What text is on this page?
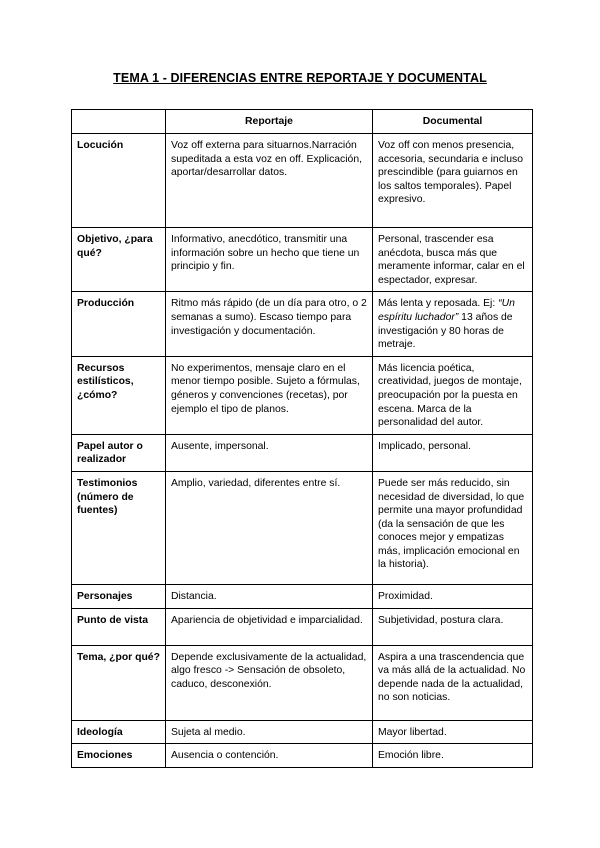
TEMA 1 - DIFERENCIAS ENTRE REPORTAJE Y DOCUMENTAL
	Reportaje	Documental
Locución	Voz off externa para situarnos.Narración supeditada a esta voz en off. Explicación, aportar/desarrollar datos.	Voz off con menos presencia, accesoria, secundaria e incluso prescindible (para guiarnos en los saltos temporales). Papel expresivo.
Objetivo, ¿para qué?	Informativo, anecdótico, transmitir una información sobre un hecho que tiene un principio y fin.	Personal, trascender esa anécdota, busca más que meramente informar, calar en el espectador, expresar.
Producción	Ritmo más rápido (de un día para otro, o 2 semanas a sumo). Escaso tiempo para investigación y documentación.	Más lenta y reposada. Ej: “Un espíritu luchador” 13 años de investigación y 80 horas de metraje.
Recursos estilísticos, ¿cómo?	No experimentos, mensaje claro en el menor tiempo posible. Sujeto a fórmulas, géneros y convenciones (recetas), por ejemplo el tipo de planos.	Más licencia poética, creatividad, juegos de montaje, preocupación por la puesta en escena. Marca de la personalidad del autor.
Papel autor o realizador	Ausente, impersonal.	Implicado, personal.
Testimonios (número de fuentes)	Amplio, variedad, diferentes entre sí.	Puede ser más reducido, sin necesidad de diversidad, lo que permite una mayor profundidad (da la sensación de que les conoces mejor y empatizas más, implicación emocional en la historia).
Personajes	Distancia.	Proximidad.
Punto de vista	Apariencia de objetividad e imparcialidad.	Subjetividad, postura clara.
Tema, ¿por qué?	Depende exclusivamente de la actualidad, algo fresco -> Sensación de obsoleto, caduco, desconexión.	Aspira a una trascendencia que va más allá de la actualidad. No depende nada de la actualidad, no son noticias.
Ideología	Sujeta al medio.	Mayor libertad.
Emociones	Ausencia o contención.	Emoción libre.
